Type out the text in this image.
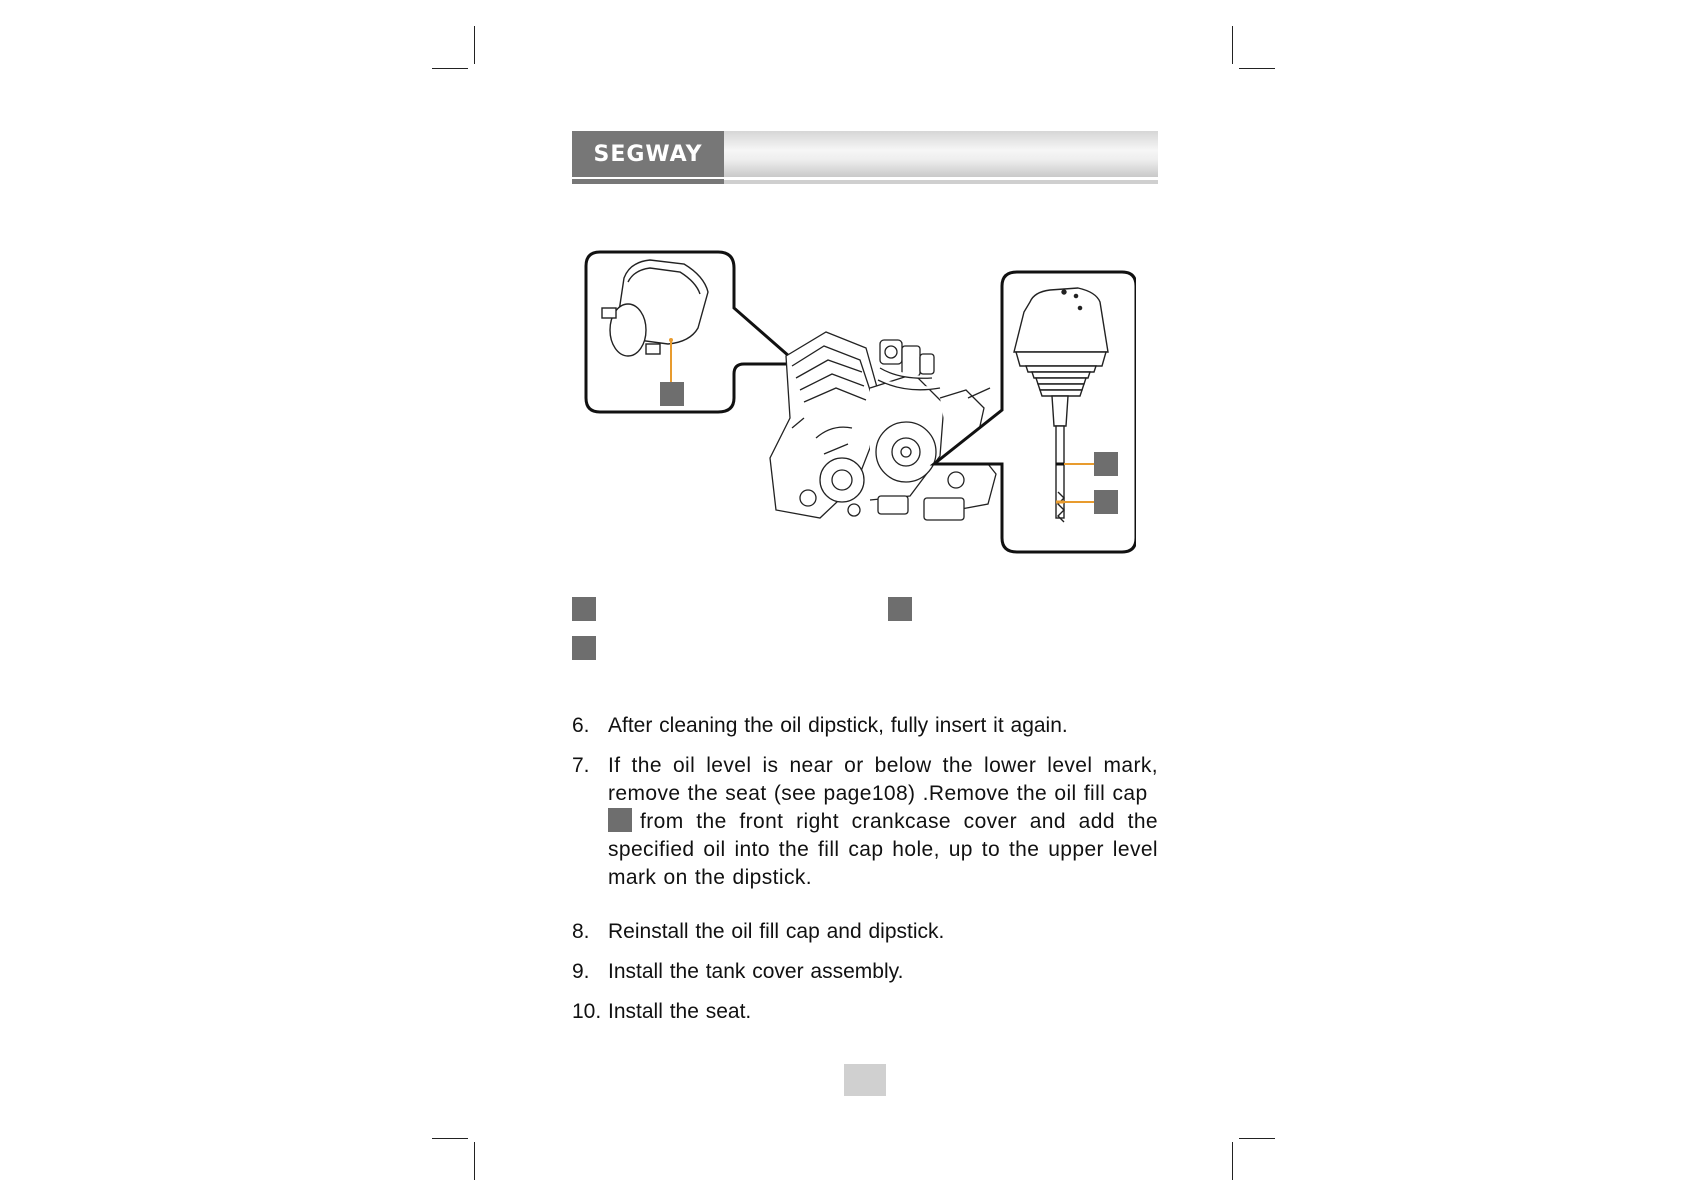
SEGWAY
6. After cleaning the oil dipstick, fully insert it again.
7. If the oil level is near or below the lower level mark, remove the seat (see page108) .Remove the oil fill cap
from the front right crankcase cover and add the specified oil into the fill cap hole, up to the upper level mark on the dipstick.
8. Reinstall the oil fill cap and dipstick.
9. Install the tank cover assembly.
10. Install the seat.
